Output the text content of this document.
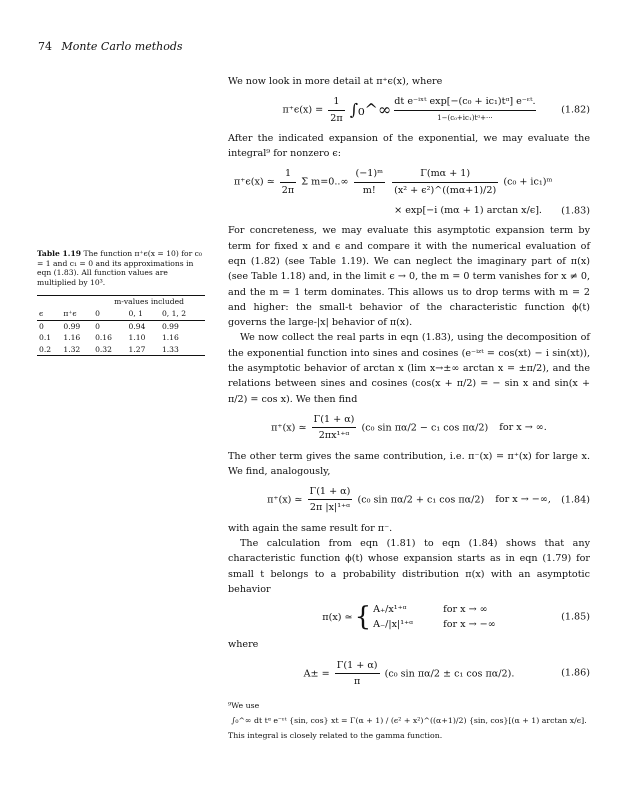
74 Monte Carlo methods

We now look in more detail at π⁺ϵ(x), where

$\pi^+\epsilon(x) = \frac{1}{2\pi}$ ∫₀^∞ dt e⁻ⁱˣᵗ exp[−(c₀ + ic₁)tᵅ] e⁻ᵋᵗ.
1−(c₀+ic₁)tᵅ+···
(1.82)

After the indicated expansion of the exponential, we may evaluate the integral⁹ for nonzero ϵ:

π⁺ϵ(x) ≃ $\frac{1}{2\pi}$ Σ $m=0..\infty \frac{\text{(−1)ᵐ}}{m!}$
$\frac{\Gamma(m\alpha + 1)}{\text{(x² + ϵ²)\textasciicircum{}((mα+1)/2)}} (c_0$ + ic₁)ᵐ
× exp[−i (mα + 1) arctan x/ϵ]. (1.83)

For concreteness, we may evaluate this asymptotic expansion term by term for fixed x and ϵ and compare it with the numerical evaluation of eqn (1.82) (see Table 1.19). We can neglect the imaginary part of π(x) (see Table 1.18) and, in the limit ϵ → 0, the m = 0 term vanishes for x ≠ 0, and the m = 1 term dominates. This allows us to drop terms with m = 2 and higher: the small-t behavior of the characteristic function ϕ(t) governs the large-|x| behavior of π(x).

We now collect the real parts in eqn (1.83), using the decomposition of the exponential function into sines and cosines (e⁻ⁱᶻᵗ = cos(xt) − i sin(xt)), the asymptotic behavior of arctan x (lim x→±∞ arctan x = ±π/2), and the relations between sines and cosines (cos(x + π/2) = − sin x and sin(x + π/2) = cos x). We then find

π⁺(x) ≃ $\frac{\Gamma(1 + \alpha)}{\text{2πx¹⁺ᵅ}} (c_0$ sin πα/2 − c₁ cos πα/2) for x → ∞.

The other term gives the same contribution, i.e. π⁻(x) = π⁺(x) for large x. We find, analogously,

π⁺(x) ≃ $\frac{\Gamma(1 + \alpha)}{\text{2π |x|¹⁺ᵅ}} (c_0$ sin πα/2 + c₁ cos πα/2) for x → −∞, (1.84)

with again the same result for π⁻.

The calculation from eqn (1.81) to eqn (1.84) shows that any characteristic function ϕ(t) whose expansion starts as in eqn (1.79) for small t belongs to a probability distribution π(x) with an asymptotic behavior

π(x) ≃ { A₊/x¹⁺ᵅ	for x → ∞
A₋/|x|¹⁺ᵅ	for x → −∞
(1.85)

where

$A\pm = \frac{\Gamma(1 + \alpha)}{\pi} (c_0$ sin πα/2 ± c₁ cos πα/2).	(1.86)
Table 1.19 The function π⁺ϵ(x = 10) for c₀ = 1 and c₁ = 0 and its approximations in eqn (1.83). All function values are multiplied by 10³.
		m-values included		
ϵ	π⁺ϵ	0	0, 1	0, 1, 2
0	0.99	0	0.94	0.99
0.1	1.16	0.16	1.10	1.16
0.2	1.32	0.32	1.27	1.33
⁹We use
∫₀^∞ dt tᵅ e⁻ᵋᵗ {sin, cos} xt = Γ(α + 1) / (ϵ² + x²)^((α+1)/2) {sin, cos}[(α + 1) arctan x/ϵ].
This integral is closely related to the gamma function.
